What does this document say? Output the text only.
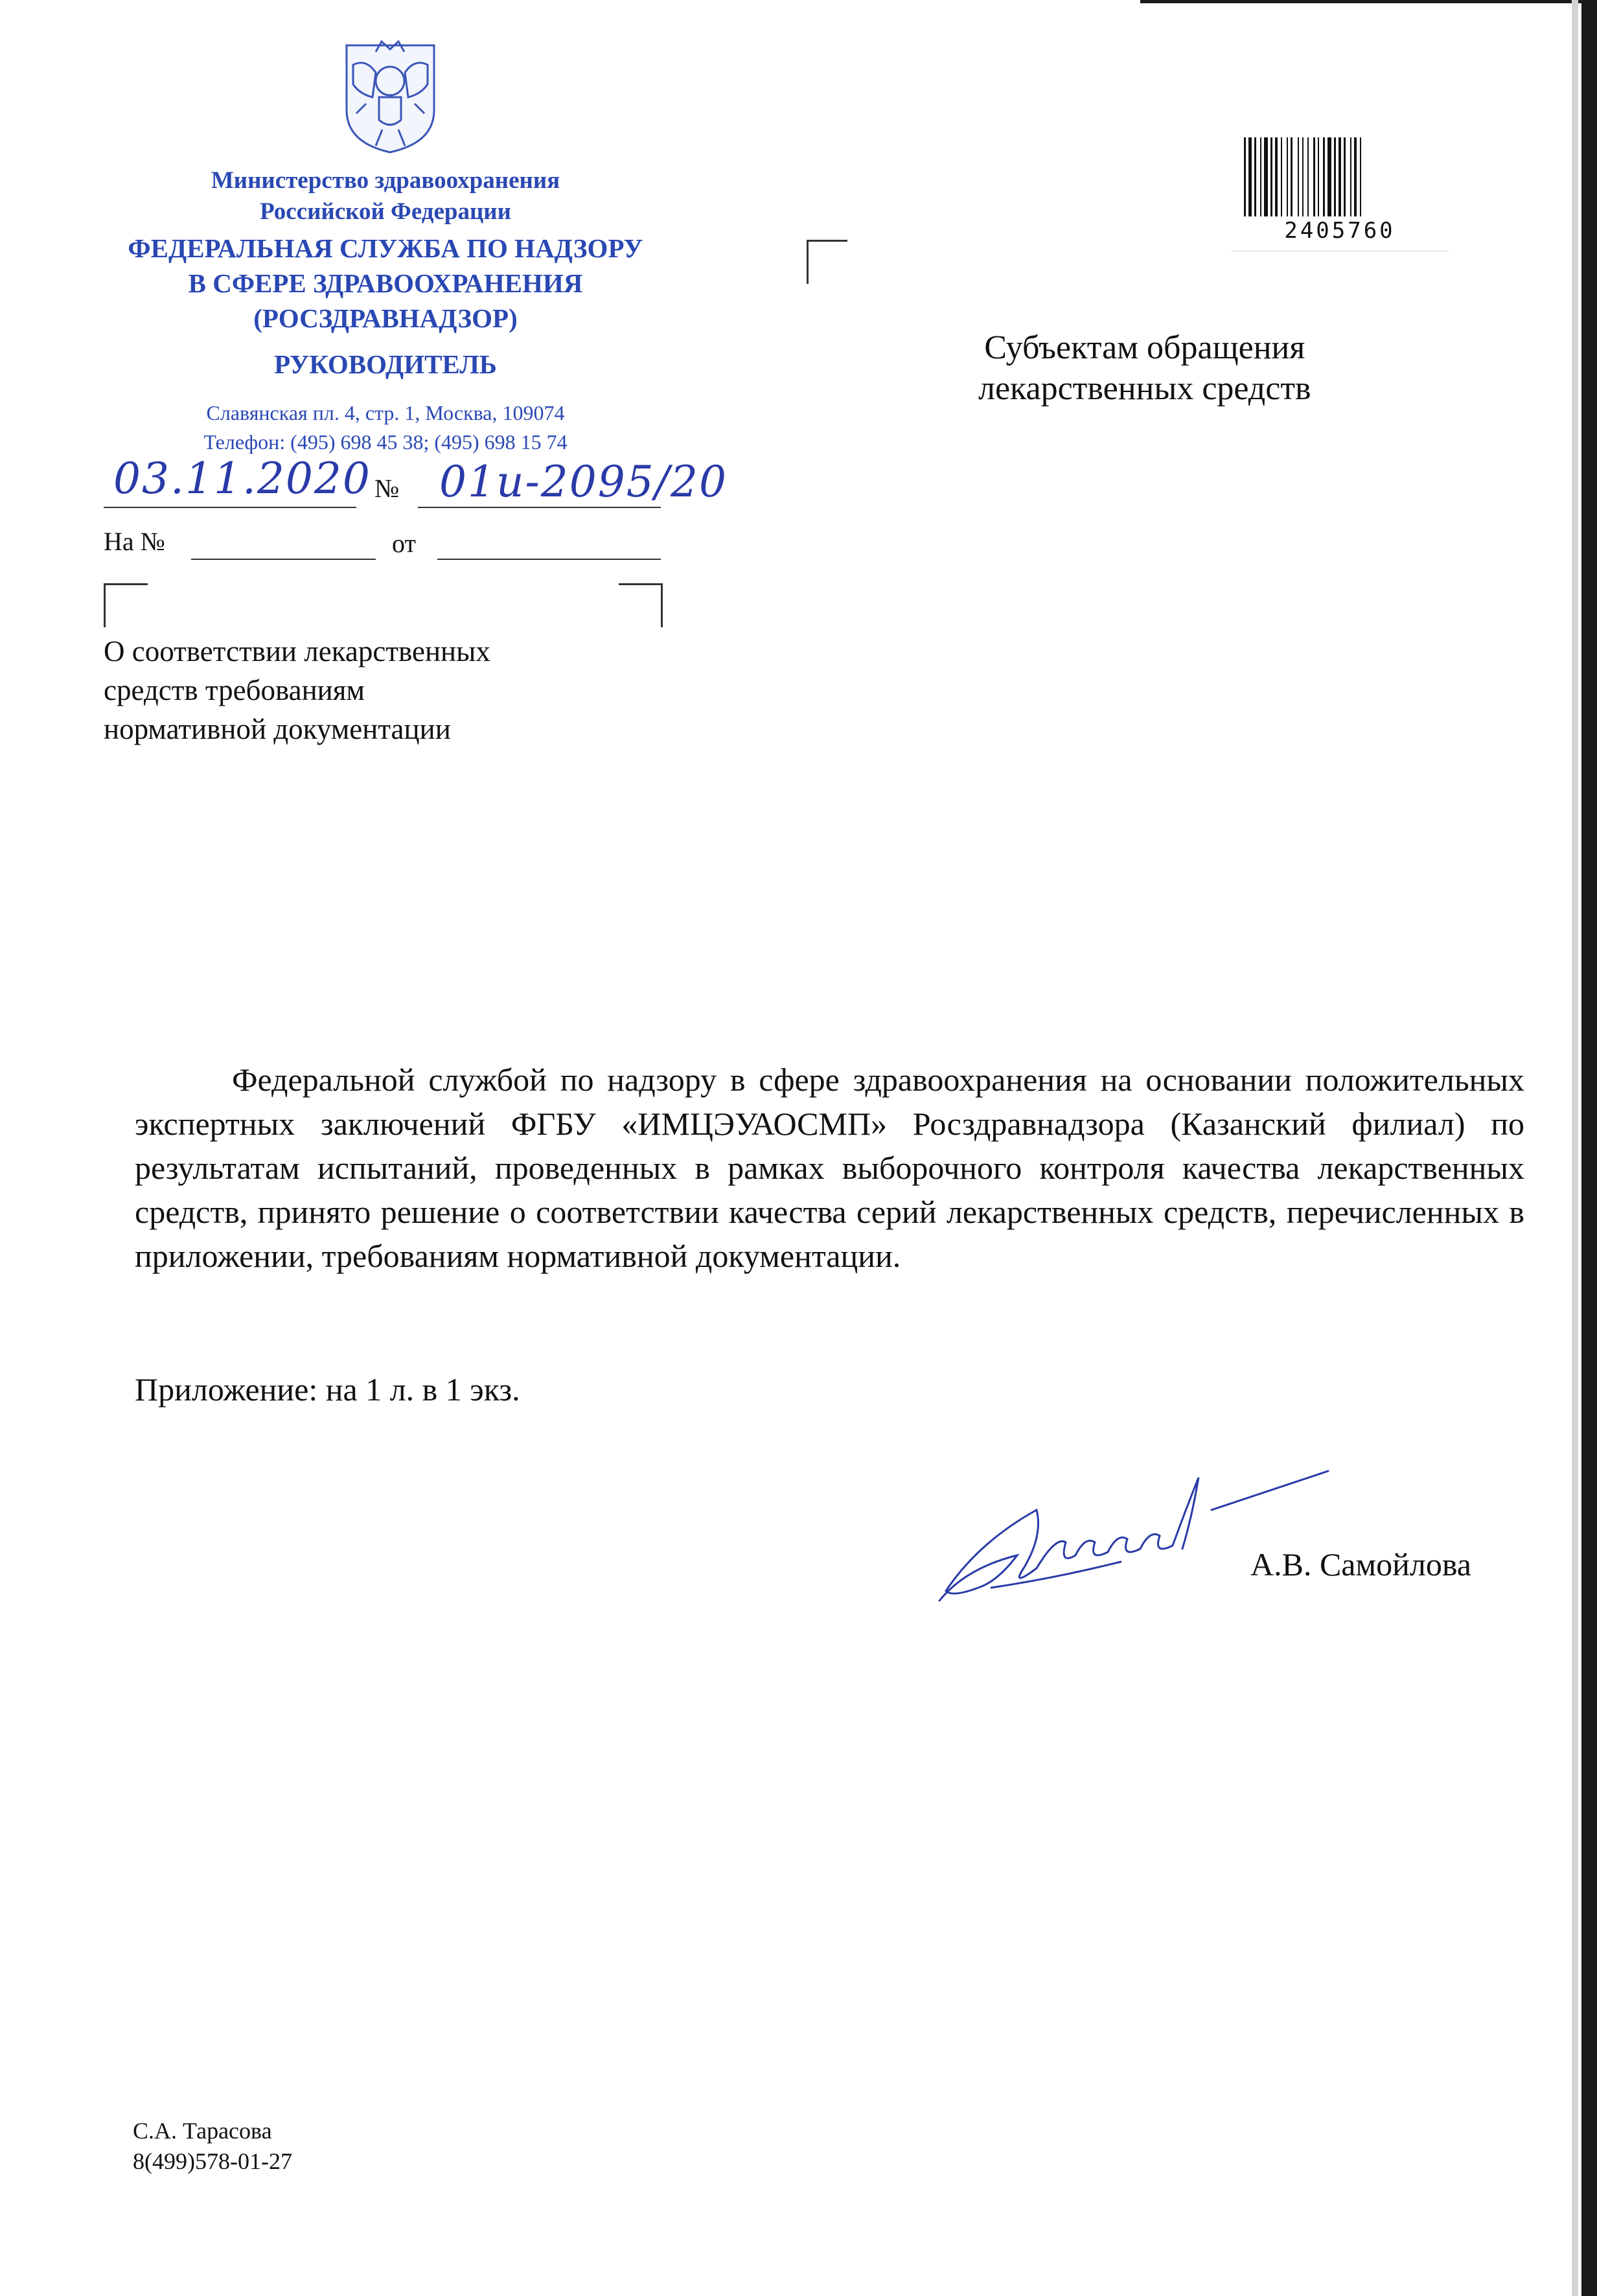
Министерство здравоохранения
Российской Федерации
ФЕДЕРАЛЬНАЯ СЛУЖБА ПО НАДЗОРУ
В СФЕРЕ ЗДРАВООХРАНЕНИЯ
(РОСЗДРАВНАДЗОР)
РУКОВОДИТЕЛЬ
Славянская пл. 4, стр. 1, Москва, 109074
Телефон: (495) 698 45 38; (495) 698 15 74
03.11.2020 № 01и-2095/20
На №	от
О соответствии лекарственных
средств требованиям
нормативной документации
2405760
Субъектам обращения
лекарственных средств
Федеральной службой по надзору в сфере здравоохранения на основании положительных экспертных заключений ФГБУ «ИМЦЭУАОСМП» Росздравнадзора (Казанский филиал) по результатам испытаний, проведенных в рамках выборочного контроля качества лекарственных средств, принято решение о соответствии качества серий лекарственных средств, перечисленных в приложении, требованиям нормативной документации.
Приложение: на 1 л. в 1 экз.
А.В. Самойлова
С.А. Тарасова
8(499)578-01-27
